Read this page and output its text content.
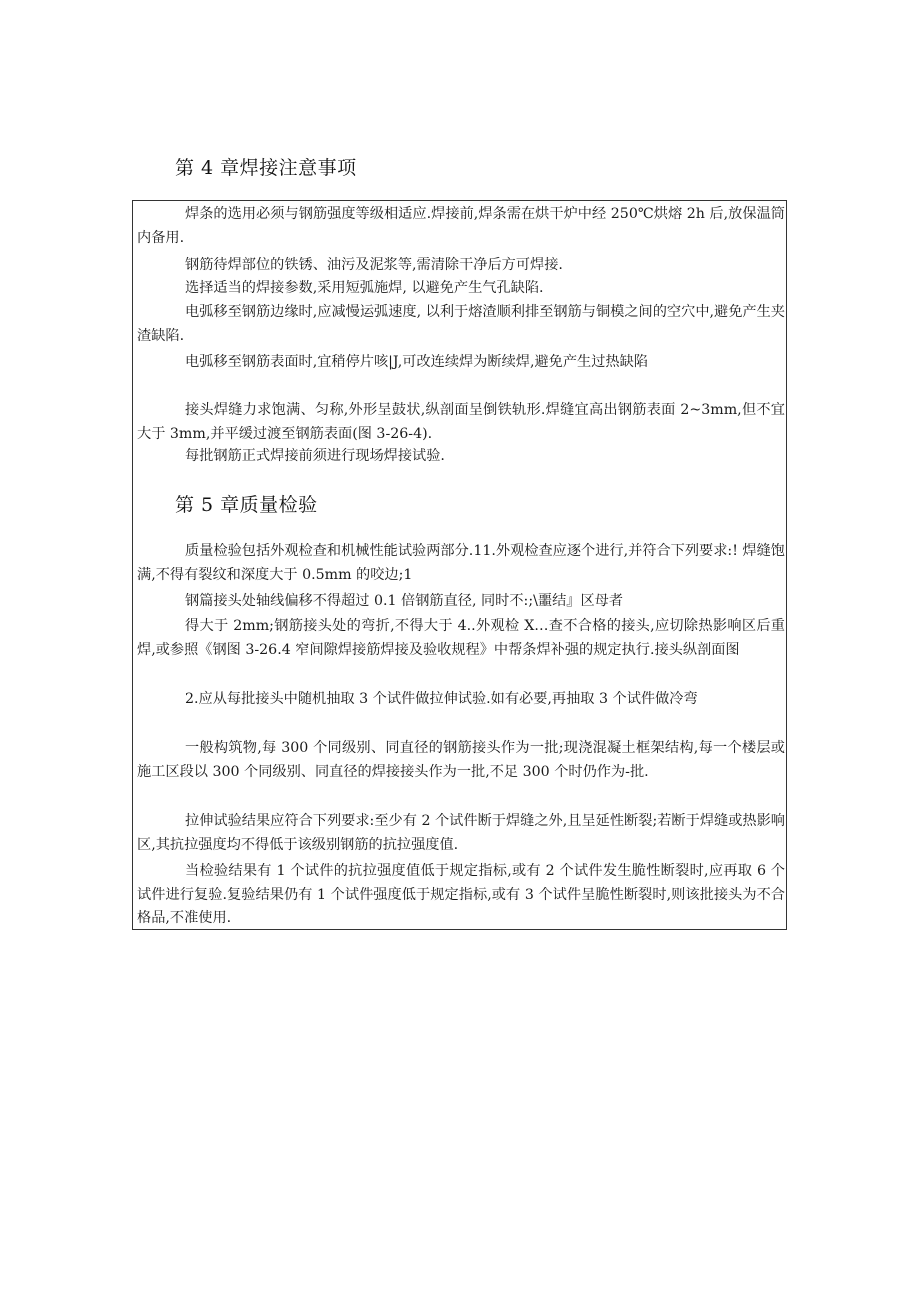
第 4 章焊接注意事项

焊条的选用必须与钢筋强度等级相适应.焊接前,焊条需在烘干炉中经 250℃烘熔 2h 后,放保温筒内备用.

钢筋待焊部位的铁锈、油污及泥浆等,需清除干净后方可焊接.

选择适当的焊接参数,采用短弧施焊, 以避免产生气孔缺陷.

电弧移至钢筋边缘时,应减慢运弧速度, 以利于熔渣顺利排至钢筋与铜模之间的空穴中,避免产生夹渣缺陷.

电弧移至钢筋表面时,宜稍停片咳|J,可改连续焊为断续焊,避免产生过热缺陷

接头焊缝力求饱满、匀称,外形呈鼓状,纵剖面呈倒铁轨形.焊缝宜高出钢筋表面 2~3mm,但不宜大于 3mm,并平缓过渡至钢筋表面(图 3-26-4).

每批钢筋正式焊接前须进行现场焊接试验.

质量检验包括外观检查和机械性能试验两部分.11.外观检查应逐个进行,并符合下列要求:! 焊缝饱满,不得有裂纹和深度大于 0.5mm 的咬边;1

钢篇接头处轴线偏移不得超过 0.1 倍钢筋直径, 同时不:;\噩结』区母者

得大于 2mm;钢筋接头处的弯折,不得大于 4..外观检 X…查不合格的接头,应切除热影响区后重焊,或参照《钢图 3-26.4 窄间隙焊接筋焊接及验收规程》中帮条焊补强的规定执行.接头纵剖面图

2.应从每批接头中随机抽取 3 个试件做拉伸试验.如有必要,再抽取 3 个试件做冷弯

一般构筑物,每 300 个同级别、同直径的钢筋接头作为一批;现浇混凝土框架结构,每一个楼层或施工区段以 300 个同级别、同直径的焊接接头作为一批,不足 300 个时仍作为-批.

拉伸试验结果应符合下列要求:至少有 2 个试件断于焊缝之外,且呈延性断裂;若断于焊缝或热影响区,其抗拉强度均不得低于该级别钢筋的抗拉强度值.

当检验结果有 1 个试件的抗拉强度值低于规定指标,或有 2 个试件发生脆性断裂时,应再取 6 个试件进行复验.复验结果仍有 1 个试件强度低于规定指标,或有 3 个试件呈脆性断裂时,则该批接头为不合格品,不准使用.

第 5 章质量检验
